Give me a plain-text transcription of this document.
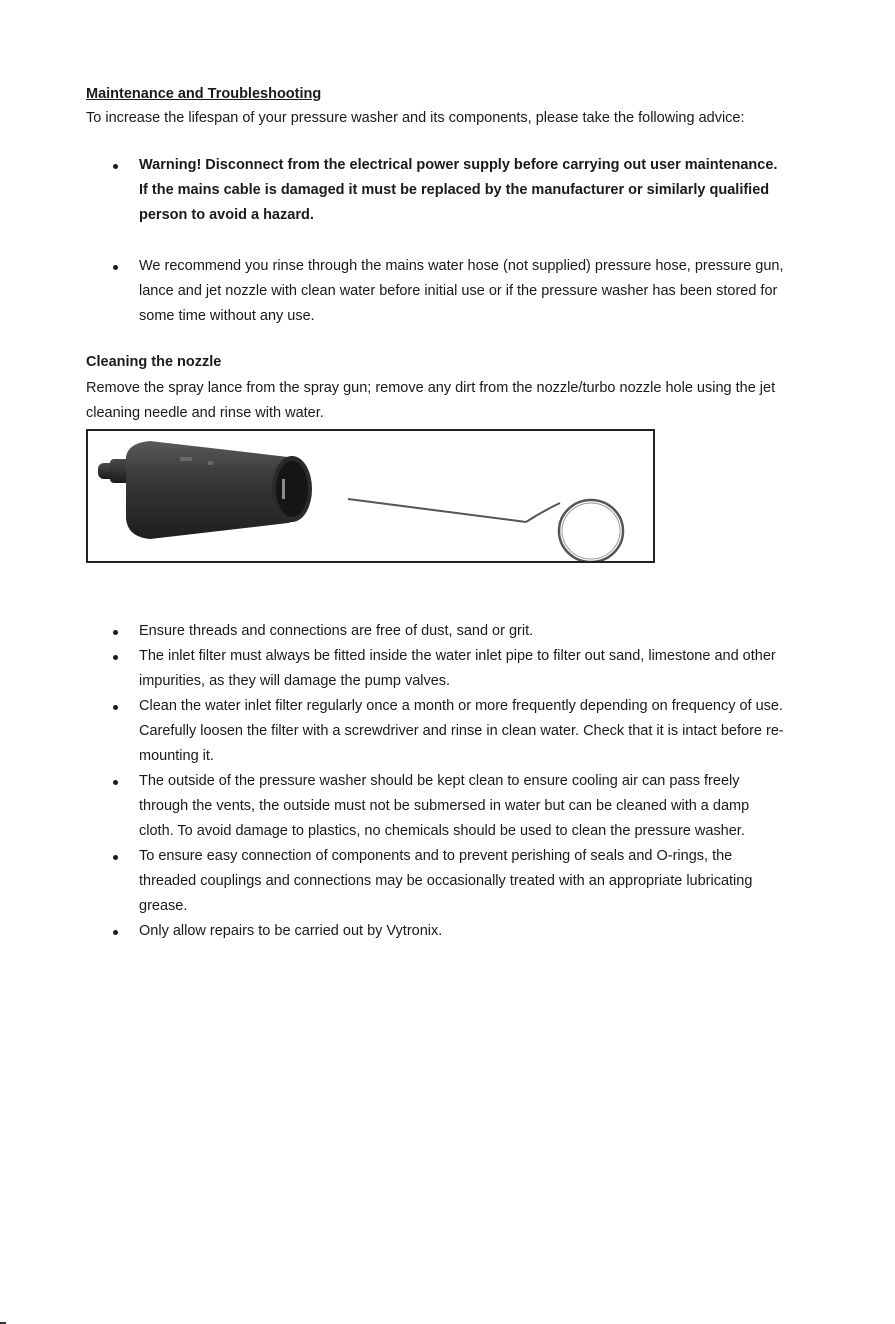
Maintenance and Troubleshooting

To increase the lifespan of your pressure washer and its components, please take the following advice:

Warning! Disconnect from the electrical power supply before carrying out user maintenance.
If the mains cable is damaged it must be replaced by the manufacturer or similarly qualified
person to avoid a hazard.
We recommend you rinse through the mains water hose (not supplied) pressure hose, pressure gun,
lance and jet nozzle with clean water before initial use or if the pressure washer has been stored for
some time without any use.
Cleaning the nozzle
Remove the spray lance from the spray gun; remove any dirt from the nozzle/turbo nozzle hole using the jet
cleaning needle and rinse with water.
Ensure threads and connections are free of dust, sand or grit.
The inlet filter must always be fitted inside the water inlet pipe to filter out sand, limestone and other
impurities, as they will damage the pump valves.
Clean the water inlet filter regularly once a month or more frequently depending on frequency of use.
Carefully loosen the filter with a screwdriver and rinse in clean water. Check that it is intact before re-
mounting it.
The outside of the pressure washer should be kept clean to ensure cooling air can pass freely
through the vents, the outside must not be submersed in water but can be cleaned with a damp
cloth. To avoid damage to plastics, no chemicals should be used to clean the pressure washer.
To ensure easy connection of components and to prevent perishing of seals and O-rings, the
threaded couplings and connections may be occasionally treated with an appropriate lubricating
grease.
Only allow repairs to be carried out by Vytronix.
